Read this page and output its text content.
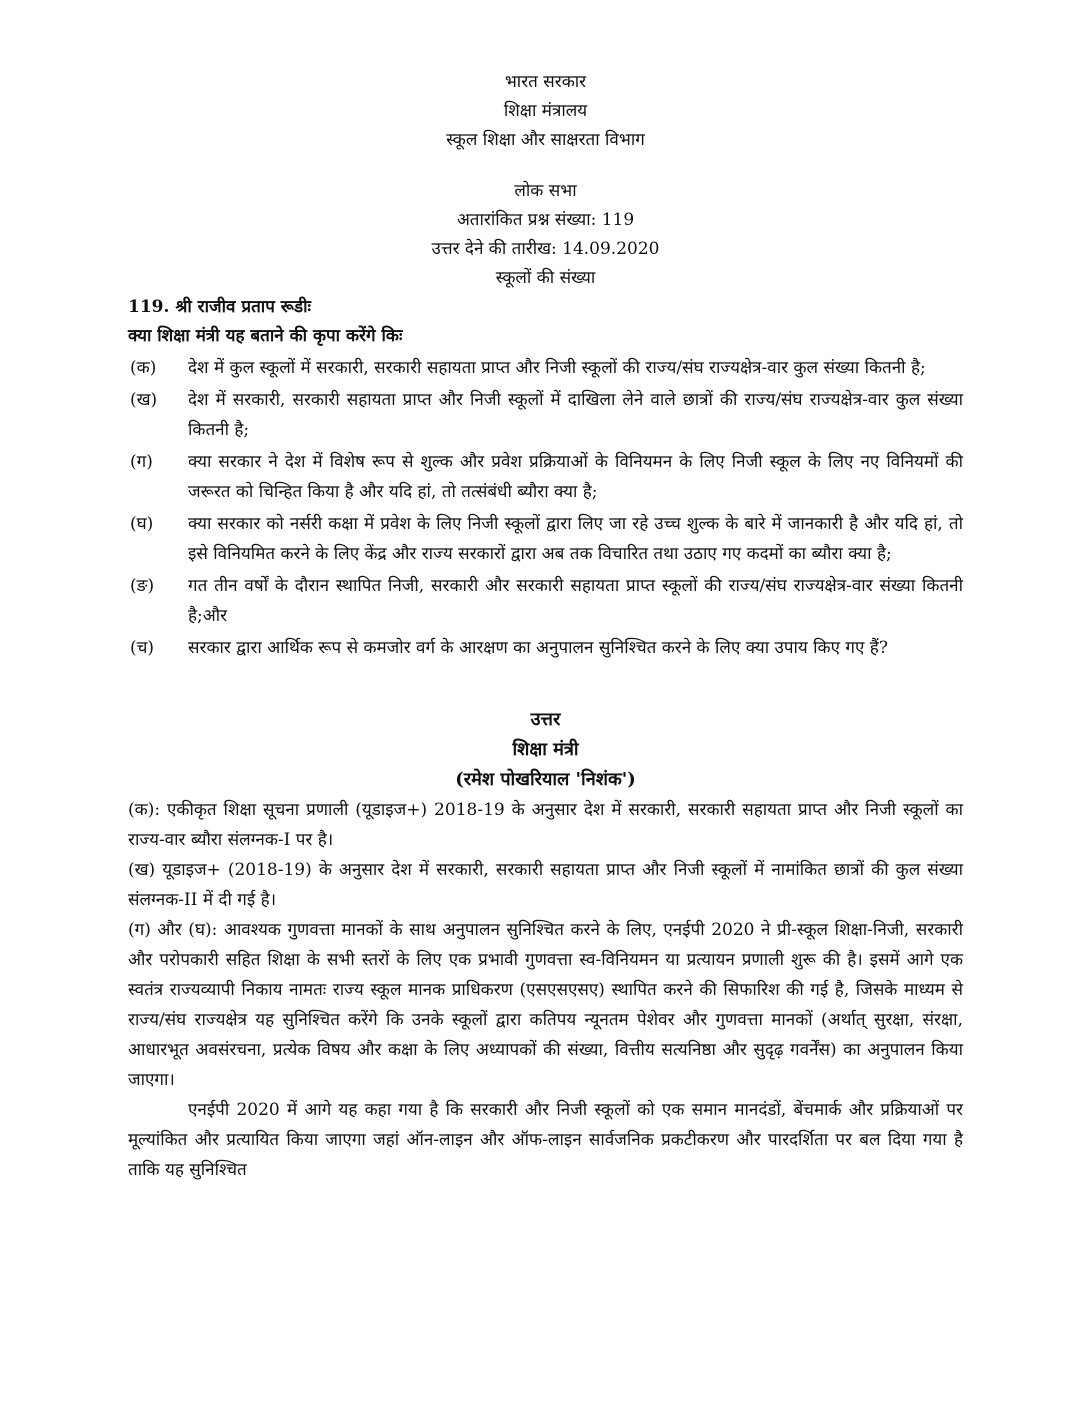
भारत सरकार
शिक्षा मंत्रालय
स्कूल शिक्षा और साक्षरता विभाग
लोक सभा
अतारांकित प्रश्न संख्या: 119
उत्तर देने की तारीख: 14.09.2020
स्कूलों की संख्या
119. श्री राजीव प्रताप रूडीः
क्या शिक्षा मंत्री यह बताने की कृपा करेंगे किः
(क)	देश में कुल स्कूलों में सरकारी, सरकारी सहायता प्राप्त और निजी स्कूलों की राज्य/संघ राज्यक्षेत्र-वार कुल संख्या कितनी है;
(ख)	देश में सरकारी, सरकारी सहायता प्राप्त और निजी स्कूलों में दाखिला लेने वाले छात्रों की राज्य/संघ राज्यक्षेत्र-वार कुल संख्या कितनी है;
(ग)	क्या सरकार ने देश में विशेष रूप से शुल्क और प्रवेश प्रक्रियाओं के विनियमन के लिए निजी स्कूल के लिए नए विनियमों की जरूरत को चिन्हित किया है और यदि हां, तो तत्संबंधी ब्यौरा क्या है;
(घ)	क्या सरकार को नर्सरी कक्षा में प्रवेश के लिए निजी स्कूलों द्वारा लिए जा रहे उच्च शुल्क के बारे में जानकारी है और यदि हां, तो इसे विनियमित करने के लिए केंद्र और राज्य सरकारों द्वारा अब तक विचारित तथा उठाए गए कदमों का ब्यौरा क्या है;
(ङ)	गत तीन वर्षों के दौरान स्थापित निजी, सरकारी और सरकारी सहायता प्राप्त स्कूलों की राज्य/संघ राज्यक्षेत्र-वार संख्या कितनी है;और
(च)	सरकार द्वारा आर्थिक रूप से कमजोर वर्ग के आरक्षण का अनुपालन सुनिश्चित करने के लिए क्या उपाय किए गए हैं?
उत्तर
शिक्षा मंत्री
(रमेश पोखरियाल 'निशंक')

(क): एकीकृत शिक्षा सूचना प्रणाली (यूडाइज+) 2018-19 के अनुसार देश में सरकारी, सरकारी सहायता प्राप्त और निजी स्कूलों का राज्य-वार ब्यौरा संलग्नक-I पर है।

(ख) यूडाइज+ (2018-19) के अनुसार देश में सरकारी, सरकारी सहायता प्राप्त और निजी स्कूलों में नामांकित छात्रों की कुल संख्या संलग्नक-II में दी गई है।

(ग) और (घ): आवश्यक गुणवत्ता मानकों के साथ अनुपालन सुनिश्चित करने के लिए, एनईपी 2020 ने प्री-स्कूल शिक्षा-निजी, सरकारी और परोपकारी सहित शिक्षा के सभी स्तरों के लिए एक प्रभावी गुणवत्ता स्व-विनियमन या प्रत्यायन प्रणाली शुरू की है। इसमें आगे एक स्वतंत्र राज्यव्यापी निकाय नामतः राज्य स्कूल मानक प्राधिकरण (एसएसएसए) स्थापित करने की सिफारिश की गई है, जिसके माध्यम से राज्य/संघ राज्यक्षेत्र यह सुनिश्चित करेंगे कि उनके स्कूलों द्वारा कतिपय न्यूनतम पेशेवर और गुणवत्ता मानकों (अर्थात् सुरक्षा, संरक्षा, आधारभूत अवसंरचना, प्रत्येक विषय और कक्षा के लिए अध्यापकों की संख्या, वित्तीय सत्यनिष्ठा और सुदृढ़ गवर्नेंस) का अनुपालन किया जाएगा।

एनईपी 2020 में आगे यह कहा गया है कि सरकारी और निजी स्कूलों को एक समान मानदंडों, बेंचमार्क और प्रक्रियाओं पर मूल्यांकित और प्रत्यायित किया जाएगा जहां ऑन-लाइन और ऑफ-लाइन सार्वजनिक प्रकटीकरण और पारदर्शिता पर बल दिया गया है ताकि यह सुनिश्चित
